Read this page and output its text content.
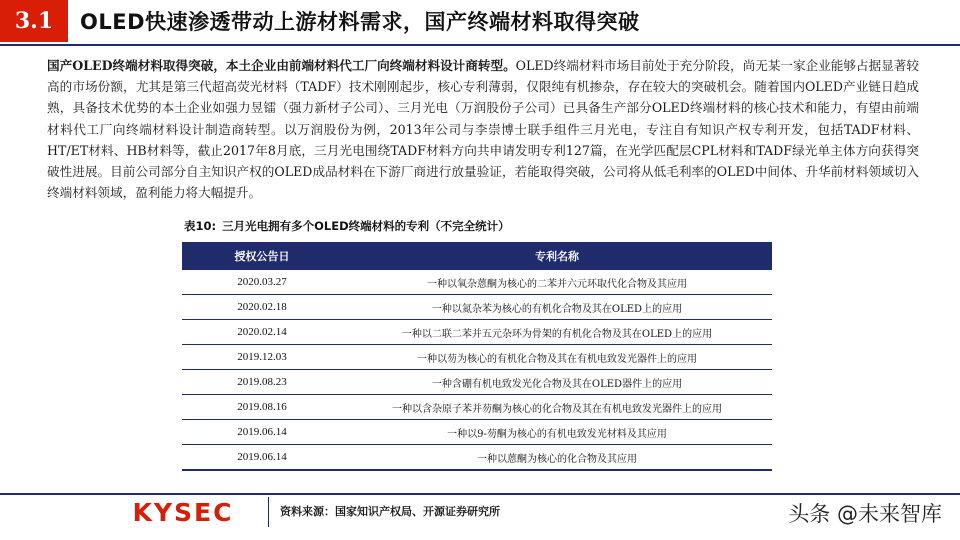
3.1	OLED快速渗透带动上游材料需求，国产终端材料取得突破
国产OLED终端材料取得突破，本土企业由前端材料代工厂向终端材料设计商转型。OLED终端材料市场目前处于充分阶段，尚无某一家企业能够占据显著较高的市场份额，尤其是第三代超高荧光材料（TADF）技术刚刚起步，核心专利薄弱，仅限纯有机掺杂，存在较大的突破机会。随着国内OLED产业链日趋成熟，具备技术优势的本土企业如强力昱镭（强力新材子公司）、三月光电（万润股份子公司）已具备生产部分OLED终端材料的核心技术和能力，有望由前端材料代工厂向终端材料设计制造商转型。以万润股份为例，2013年公司与李崇博士联手组件三月光电，专注自有知识产权专利开发，包括TADF材料、HT/ET材料、HB材料等，截止2017年8月底，三月光电围绕TADF材料方向共申请发明专利127篇，在光学匹配层CPL材料和TADF绿光单主体方向获得突破性进展。目前公司部分自主知识产权的OLED成品材料在下游厂商进行放量验证，若能取得突破，公司将从低毛利率的OLED中间体、升华前材料领域切入终端材料领域，盈利能力将大幅提升。
表10: 三月光电拥有多个OLED终端材料的专利（不完全统计）
授权公告日	专利名称
2020.03.27	一种以氧杂蒽酮为核心的二苯并六元环取代化合物及其应用
2020.02.18	一种以氮杂苯为核心的有机化合物及其在OLED上的应用
2020.02.14	一种以二联二苯并五元杂环为骨架的有机化合物及其在OLED上的应用
2019.12.03	一种以芴为核心的有机化合物及其在有机电致发光器件上的应用
2019.08.23	一种含硼有机电致发光化合物及其在OLED器件上的应用
2019.08.16	一种以含杂原子苯并芴酮为核心的化合物及其在有机电致发光器件上的应用
2019.06.14	一种以9-芴酮为核心的有机电致发光材料及其应用
2019.06.14	一种以蒽酮为核心的化合物及其应用
KYSEC	资料来源：国家知识产权局、开源证券研究所	头条 @未来智库
